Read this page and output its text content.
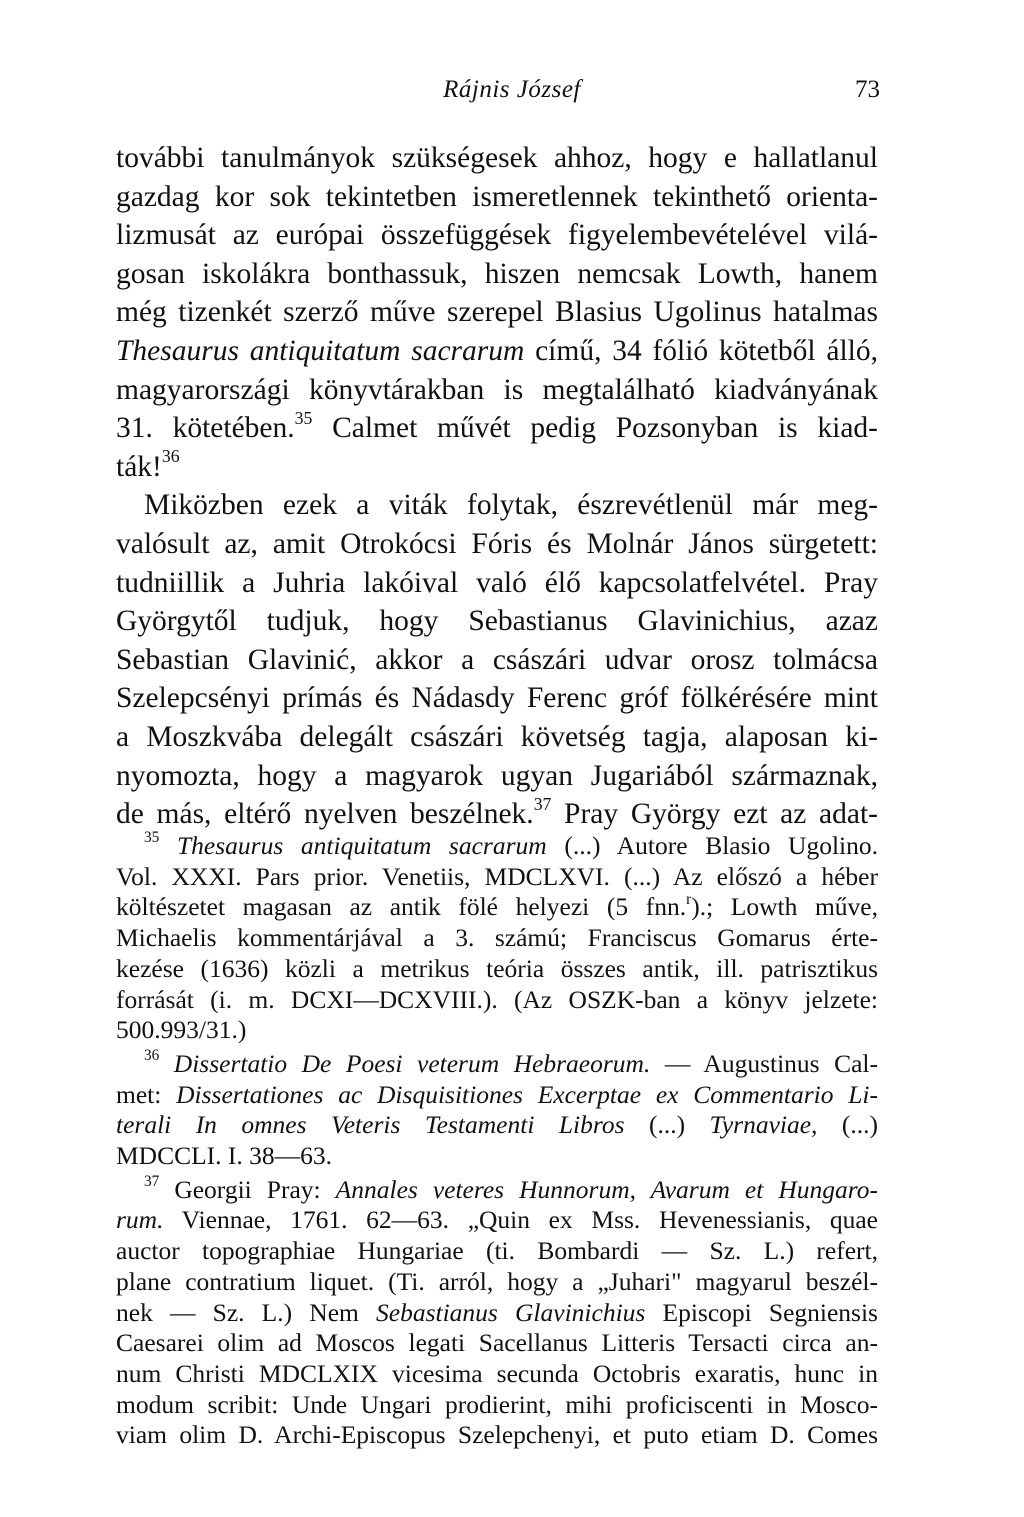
Rájnis József	73
további tanulmányok szükségesek ahhoz, hogy e hallatlanul
gazdag kor sok tekintetben ismeretlennek tekinthető orienta-
lizmusát az európai összefüggések figyelembevételével vilá-
gosan iskolákra bonthassuk, hiszen nemcsak Lowth, hanem
még tizenkét szerző műve szerepel Blasius Ugolinus hatalmas
Thesaurus antiquitatum sacrarum című, 34 fólió kötetből álló,
magyarországi könyvtárakban is megtalálható kiadványának
31. kötetében.$^{35}$ Calmet művét pedig Pozsonyban is kiad-
ták!$^{36}$
Miközben ezek a viták folytak, észrevétlenül már meg-
valósult az, amit Otrokócsi Fóris és Molnár János sürgetett:
tudniillik a Juhria lakóival való élő kapcsolatfelvétel. Pray
Györgytől tudjuk, hogy Sebastianus Glavinichius, azaz
Sebastian Glavinić, akkor a császári udvar orosz tolmácsa
Szelepcsényi prímás és Nádasdy Ferenc gróf fölkérésére mint
a Moszkvába delegált császári követség tagja, alaposan ki-
nyomozta, hogy a magyarok ugyan Jugariából származnak,
de más, eltérő nyelven beszélnek.$^{37}$ Pray György ezt az adat-
$^{35}$ Thesaurus antiquitatum sacrarum (...) Autore Blasio Ugolino.
Vol. XXXI. Pars prior. Venetiis, MDCLXVI. (...) Az előszó a héber
költészetet magasan az antik fölé helyezi (5 fnn.$^r$).; Lowth műve,
Michaelis kommentárjával a 3. számú; Franciscus Gomarus érte-
kezése (1636) közli a metrikus teória összes antik, ill. patrisztikus
forrását (i. m. DCXI—DCXVIII.). (Az OSZK-ban a könyv jelzete:
500.993/31.)
$^{36}$ Dissertatio De Poesi veterum Hebraeorum. — Augustinus Cal-
met: Dissertationes ac Disquisitiones Excerptae ex Commentario Li-
terali In omnes Veteris Testamenti Libros (...) Tyrnaviae, (...)
MDCCLI. I. 38—63.
$^{37}$ Georgii Pray: Annales veteres Hunnorum, Avarum et Hungaro-
rum. Viennae, 1761. 62—63. „Quin ex Mss. Hevenessianis, quae
auctor topographiae Hungariae (ti. Bombardi — Sz. L.) refert,
plane contratium liquet. (Ti. arról, hogy a „Juhari" magyarul beszél-
nek — Sz. L.) Nem Sebastianus Glavinichius Episcopi Segniensis
Caesarei olim ad Moscos legati Sacellanus Litteris Tersacti circa an-
num Christi MDCLXIX vicesima secunda Octobris exaratis, hunc in
modum scribit: Unde Ungari prodierint, mihi proficiscenti in Mosco-
viam olim D. Archi-Episcopus Szelepchenyi, et puto etiam D. Comes
